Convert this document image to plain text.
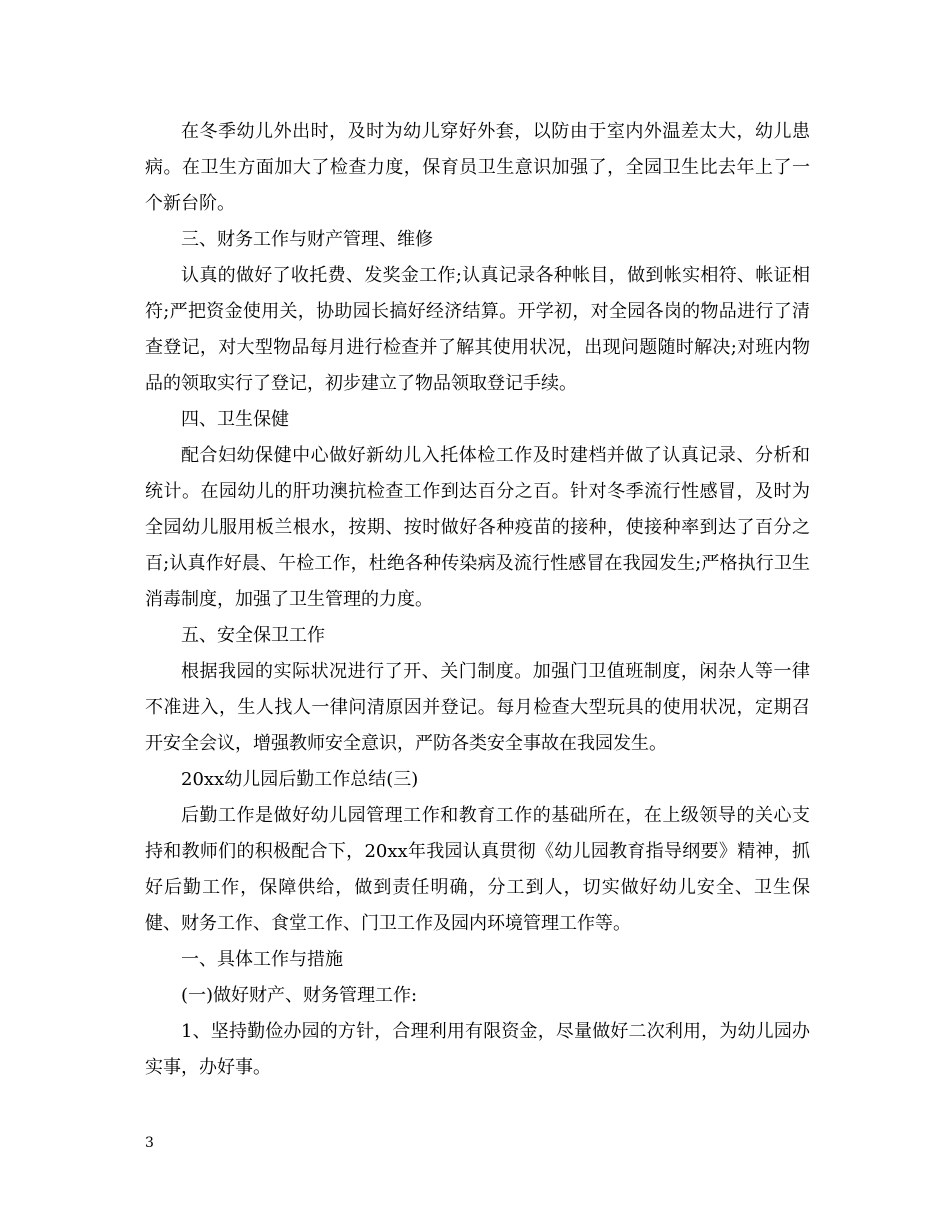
在冬季幼儿外出时，及时为幼儿穿好外套，以防由于室内外温差太大，幼儿患病。在卫生方面加大了检查力度，保育员卫生意识加强了，全园卫生比去年上了一个新台阶。

三、财务工作与财产管理、维修

认真的做好了收托费、发奖金工作;认真记录各种帐目，做到帐实相符、帐证相符;严把资金使用关，协助园长搞好经济结算。开学初，对全园各岗的物品进行了清查登记，对大型物品每月进行检查并了解其使用状况，出现问题随时解决;对班内物品的领取实行了登记，初步建立了物品领取登记手续。

四、卫生保健

配合妇幼保健中心做好新幼儿入托体检工作及时建档并做了认真记录、分析和统计。在园幼儿的肝功澳抗检查工作到达百分之百。针对冬季流行性感冒，及时为全园幼儿服用板兰根水，按期、按时做好各种疫苗的接种，使接种率到达了百分之百;认真作好晨、午检工作，杜绝各种传染病及流行性感冒在我园发生;严格执行卫生消毒制度，加强了卫生管理的力度。

五、安全保卫工作

根据我园的实际状况进行了开、关门制度。加强门卫值班制度，闲杂人等一律不准进入，生人找人一律问清原因并登记。每月检查大型玩具的使用状况，定期召开安全会议，增强教师安全意识，严防各类安全事故在我园发生。

20xx幼儿园后勤工作总结(三)

后勤工作是做好幼儿园管理工作和教育工作的基础所在，在上级领导的关心支持和教师们的积极配合下，20xx年我园认真贯彻《幼儿园教育指导纲要》精神，抓好后勤工作，保障供给，做到责任明确，分工到人，切实做好幼儿安全、卫生保健、财务工作、食堂工作、门卫工作及园内环境管理工作等。

一、具体工作与措施

(一)做好财产、财务管理工作:

1、坚持勤俭办园的方针，合理利用有限资金，尽量做好二次利用，为幼儿园办实事，办好事。

3
